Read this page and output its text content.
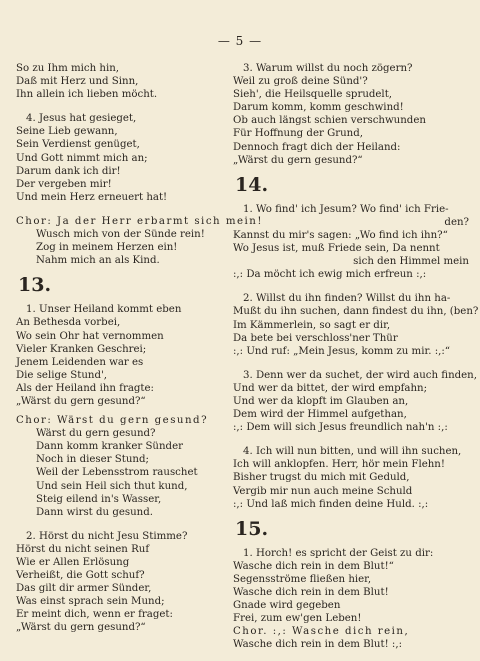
— 5 —
So zu Ihm mich hin,
Daß mit Herz und Sinn,
Ihn allein ich lieben möcht.
4. Jesus hat gesieget,
Seine Lieb gewann,
Sein Verdienst genüget,
Und Gott nimmt mich an;
Darum dank ich dir!
Der vergeben mir!
Und mein Herz erneuert hat!
Chor: Ja der Herr erbarmt sich mein!
Wusch mich von der Sünde rein!
Zog in meinem Herzen ein!
Nahm mich an als Kind.
13.
1. Unser Heiland kommt eben
An Bethesda vorbei,
Wo sein Ohr hat vernommen
Vieler Kranken Geschrei;
Jenem Leidenden war es
Die selige Stund',
Als der Heiland ihn fragte:
„Wärst du gern gesund?“
Chor: Wärst du gern gesund?
Wärst du gern gesund?
Dann komm kranker Sünder
Noch in dieser Stund;
Weil der Lebensstrom rauschet
Und sein Heil sich thut kund,
Steig eilend in's Wasser,
Dann wirst du gesund.
2. Hörst du nicht Jesu Stimme?
Hörst du nicht seinen Ruf
Wie er Allen Erlösung
Verheißt, die Gott schuf?
Das gilt dir armer Sünder,
Was einst sprach sein Mund;
Er meint dich, wenn er fraget:
„Wärst du gern gesund?“
3. Warum willst du noch zögern?
Weil zu groß deine Sünd'?
Sieh', die Heilsquelle sprudelt,
Darum komm, komm geschwind!
Ob auch längst schien verschwunden
Für Hoffnung der Grund,
Dennoch fragt dich der Heiland:
„Wärst du gern gesund?“
14.
1. Wo find' ich Jesum? Wo find' ich Frie-
den?
Kannst du mir's sagen: „Wo find ich ihn?“
Wo Jesus ist, muß Friede sein, Da nennt
sich den Himmel mein
:,: Da möcht ich ewig mich erfreun :,:
2. Willst du ihn finden? Willst du ihn ha-
Mußt du ihn suchen, dann findest du ihn, (ben?
Im Kämmerlein, so sagt er dir,
Da bete bei verschloss'ner Thür
:,: Und ruf: „Mein Jesus, komm zu mir. :,:“
3. Denn wer da suchet, der wird auch finden,
Und wer da bittet, der wird empfahn;
Und wer da klopft im Glauben an,
Dem wird der Himmel aufgethan,
:,: Dem will sich Jesus freundlich nah'n :,:
4. Ich will nun bitten, und will ihn suchen,
Ich will anklopfen. Herr, hör mein Flehn!
Bisher trugst du mich mit Geduld,
Vergib mir nun auch meine Schuld
:,: Und laß mich finden deine Huld. :,:
15.
1. Horch! es spricht der Geist zu dir:
Wasche dich rein in dem Blut!“
Segensströme fließen hier,
Wasche dich rein in dem Blut!
Gnade wird gegeben
Frei, zum ew'gen Leben!
Chor. :,: Wasche dich rein,
Wasche dich rein in dem Blut! :,:
